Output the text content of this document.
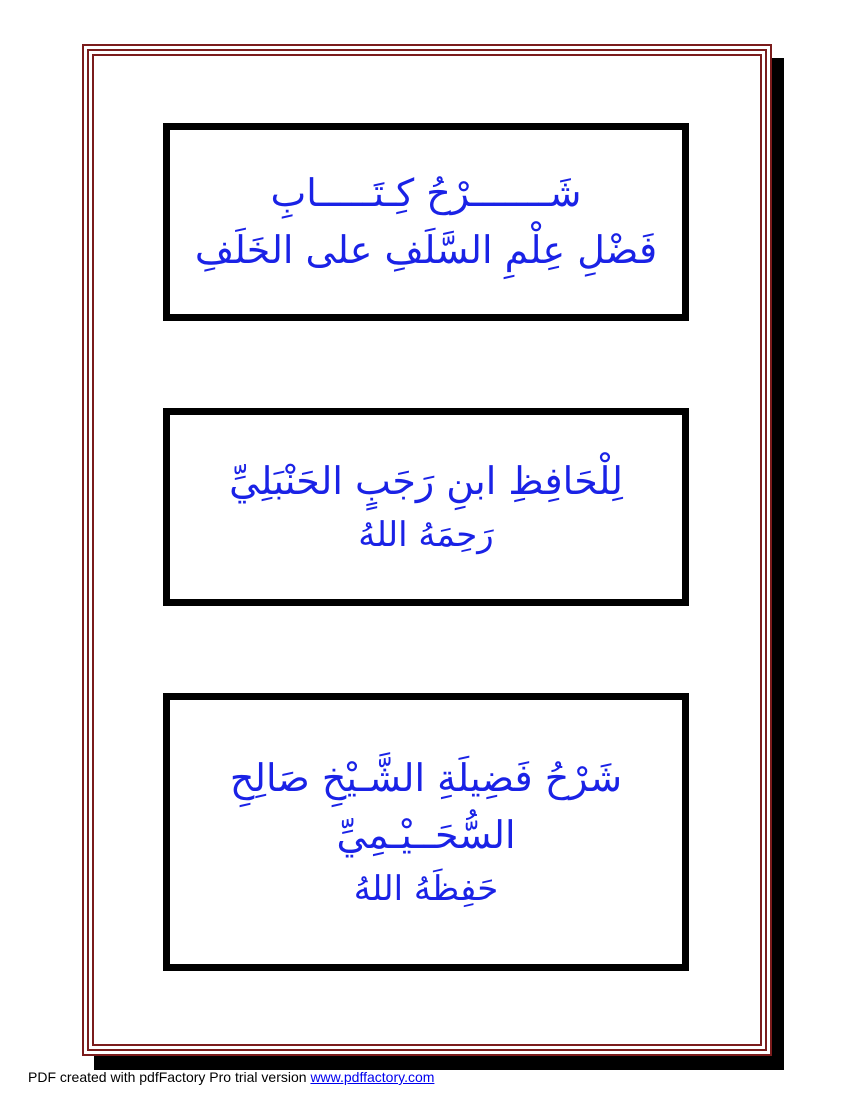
شَـــــــرْحُ كِـتَـــــابِ
فَضْلِ عِلْمِ السَّلَفِ على الخَلَفِ
لِلْحَافِظِ ابنِ رَجَبٍ الحَنْبَلِيِّ
رَحِمَهُ اللهُ
شَرْحُ فَضِيلَةِ الشَّـيْخِ صَالِحِ
السُّحَــيْـمِيِّ
حَفِظَهُ اللهُ
PDF created with pdfFactory Pro trial version www.pdffactory.com
